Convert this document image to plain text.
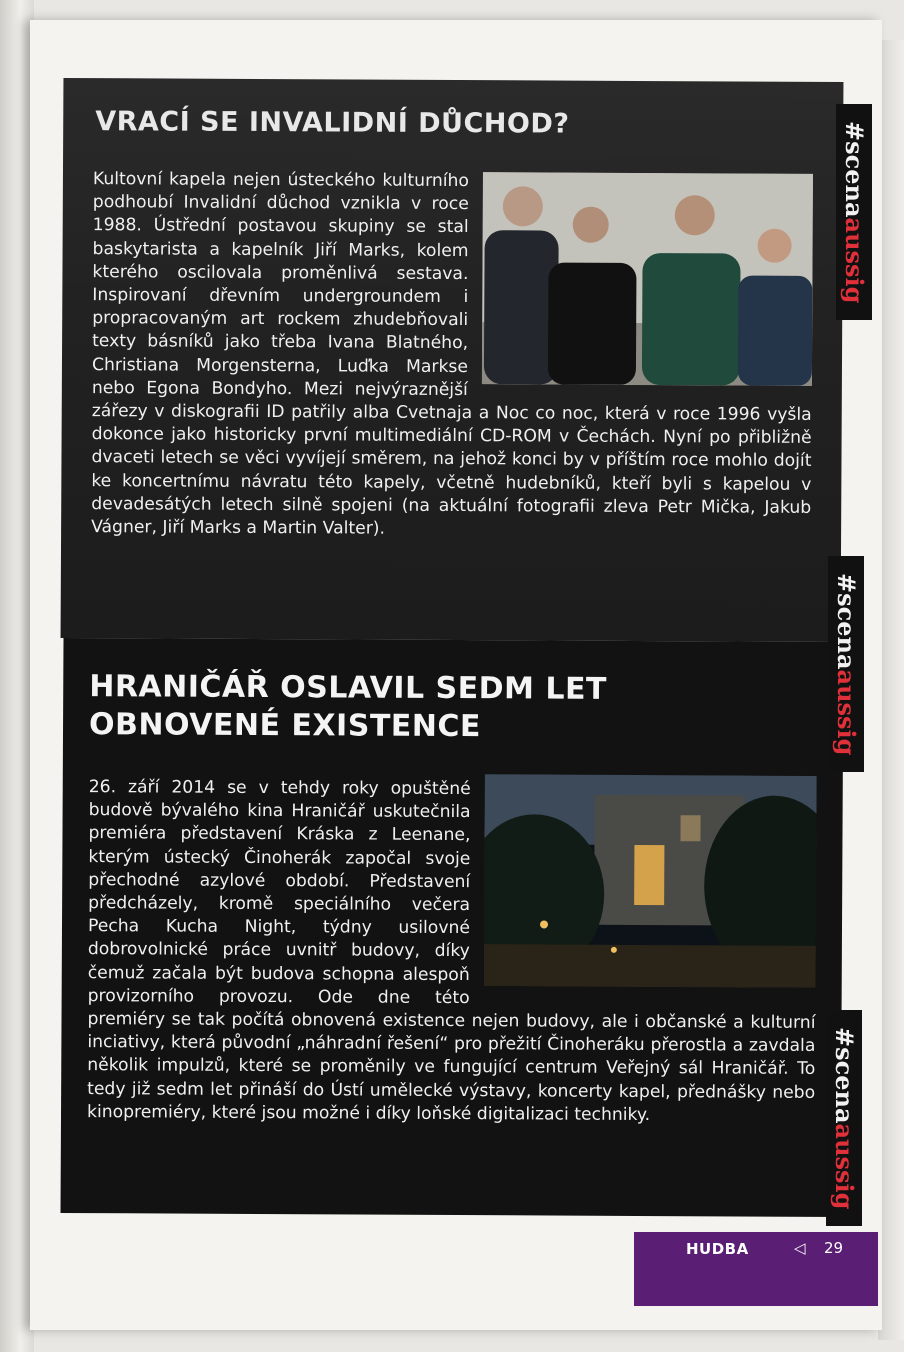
VRACÍ SE INVALIDNÍ DŮCHOD?
Kultovní kapela nejen ústeckého kulturního podhoubí Invalidní důchod vznikla v roce 1988. Ústřední postavou skupiny se stal baskytarista a kapelník Jiří Marks, kolem kterého oscilovala proměnlivá sestava. Inspirovaní dřevním undergroundem i propracovaným art rockem zhudebňovali texty básníků jako třeba Ivana Blatného, Christiana Morgensterna, Luďka Markse nebo Egona Bondyho. Mezi nejvýraznější zářezy v diskografii ID patřily alba Cvetnaja a Noc co noc, která v roce 1996 vyšla dokonce jako historicky první multimediální CD-ROM v Čechách. Nyní po přibližně dvaceti letech se věci vyvíjejí směrem, na jehož konci by v příštím roce mohlo dojít ke koncertnímu návratu této kapely, včetně hudebníků, kteří byli s kapelou v devadesátých letech silně spojeni (na aktuální fotografii zleva Petr Mička, Jakub Vágner, Jiří Marks a Martin Valter).
HRANIČÁŘ OSLAVIL SEDM LET OBNOVENÉ EXISTENCE
26. září 2014 se v tehdy roky opuštěné budově bývalého kina Hraničář uskutečnila premiéra představení Kráska z Leenane, kterým ústecký Činoherák započal svoje přechodné azylové období. Představení předcházely, kromě speciálního večera Pecha Kucha Night, týdny usilovné dobrovolnické práce uvnitř budovy, díky čemuž začala být budova schopna alespoň provizorního provozu. Ode dne této premiéry se tak počítá obnovená existence nejen budovy, ale i občanské a kulturní inciativy, která původní „náhradní řešení“ pro přežití Činoheráku přerostla a zavdala několik impulzů, které se proměnily ve fungující centrum Veřejný sál Hraničář. To tedy již sedm let přináší do Ústí umělecké výstavy, koncerty kapel, přednášky nebo kinopremiéry, které jsou možné i díky loňské digitalizaci techniky.
#scenaaussig
#scenaaussig
#scenaaussig
HUDBA	◁ 29
